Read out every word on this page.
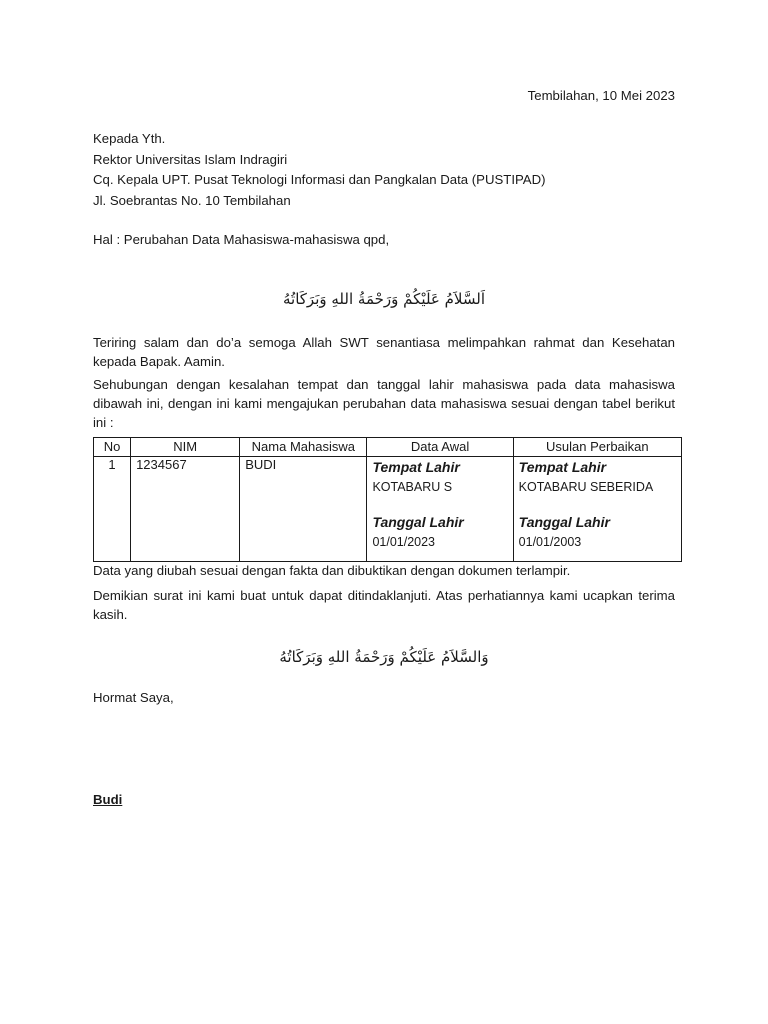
Tembilahan, 10 Mei 2023
Kepada Yth.
Rektor Universitas Islam Indragiri
Cq. Kepala UPT. Pusat Teknologi Informasi dan Pangkalan Data (PUSTIPAD)
Jl. Soebrantas No. 10 Tembilahan
Hal : Perubahan Data Mahasiswa-mahasiswa qpd,
اَلسَّلاَمُ عَلَيْكُمْ وَرَحْمَةُ اللهِ وَبَرَكَاتُهُ
Teriring salam dan do’a semoga Allah SWT senantiasa melimpahkan rahmat dan Kesehatan kepada Bapak. Aamin.
Sehubungan dengan kesalahan tempat dan tanggal lahir mahasiswa pada data mahasiswa dibawah ini, dengan ini kami mengajukan perubahan data mahasiswa sesuai dengan tabel berikut ini :
No	NIM	Nama Mahasiswa	Data Awal	Usulan Perbaikan
1	1234567	BUDI	Tempat Lahir
KOTABARU S
Tanggal Lahir
01/01/2023	Tempat Lahir
KOTABARU SEBERIDA
Tanggal Lahir
01/01/2003
Data yang diubah sesuai dengan fakta dan dibuktikan dengan dokumen terlampir.
Demikian surat ini kami buat untuk dapat ditindaklanjuti. Atas perhatiannya kami ucapkan terima kasih.
وَالسَّلاَمُ عَلَيْكُمْ وَرَحْمَةُ اللهِ وَبَرَكَاتُهُ
Hormat Saya,
Budi
